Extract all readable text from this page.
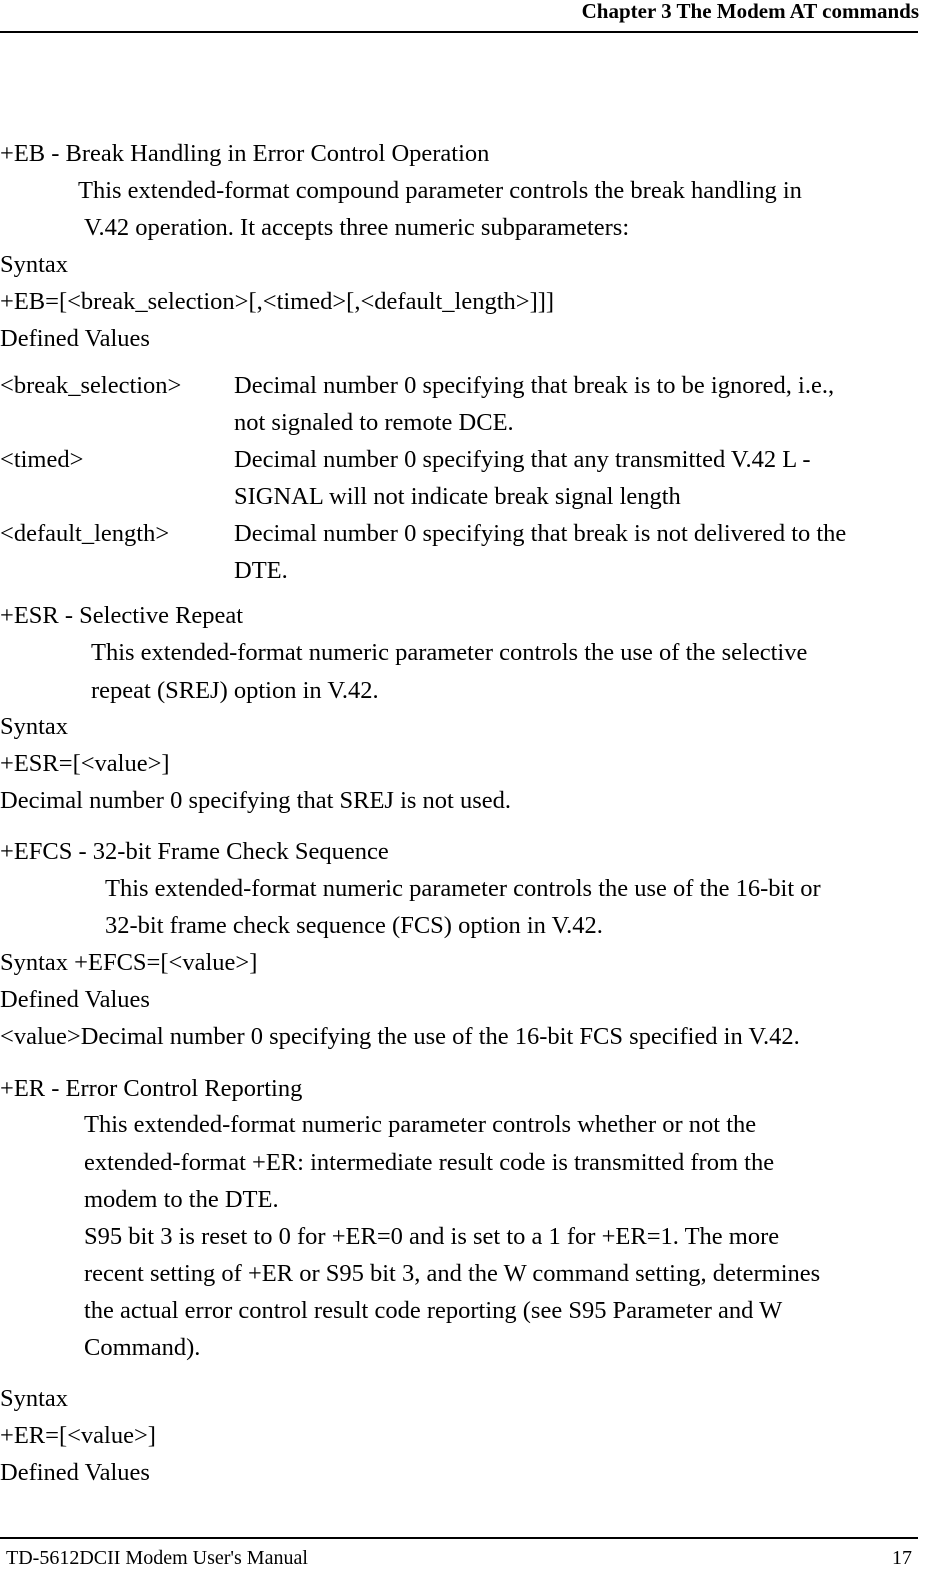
Chapter 3 The Modem AT commands
+EB - Break Handling in Error Control Operation
This extended-format compound parameter controls the break handling in
V.42 operation. It accepts three numeric subparameters:
Syntax
+EB=[<break_selection>[,<timed>[,<default_length>]]]
Defined Values
<break_selection> Decimal number 0 specifying that break is to be ignored, i.e.,
not signaled to remote DCE.
<timed>	Decimal number 0 specifying that any transmitted V.42 L -
SIGNAL will not indicate break signal length
<default_length>	Decimal number 0 specifying that break is not delivered to the
DTE.
+ESR - Selective Repeat
This extended-format numeric parameter controls the use of the selective
repeat (SREJ) option in V.42.
Syntax
+ESR=[<value>]
Decimal number 0 specifying that SREJ is not used.
+EFCS - 32-bit Frame Check Sequence
This extended-format numeric parameter controls the use of the 16-bit or
32-bit frame check sequence (FCS) option in V.42.
Syntax +EFCS=[<value>]
Defined Values
<value>Decimal number 0 specifying the use of the 16-bit FCS specified in V.42.
+ER - Error Control Reporting
This extended-format numeric parameter controls whether or not the
extended-format +ER: intermediate result code is transmitted from the
modem to the DTE.
S95 bit 3 is reset to 0 for +ER=0 and is set to a 1 for +ER=1. The more
recent setting of +ER or S95 bit 3, and the W command setting, determines
the actual error control result code reporting (see S95 Parameter and W
Command).
Syntax
+ER=[<value>]
Defined Values
TD-5612DCII Modem User's Manual	17
